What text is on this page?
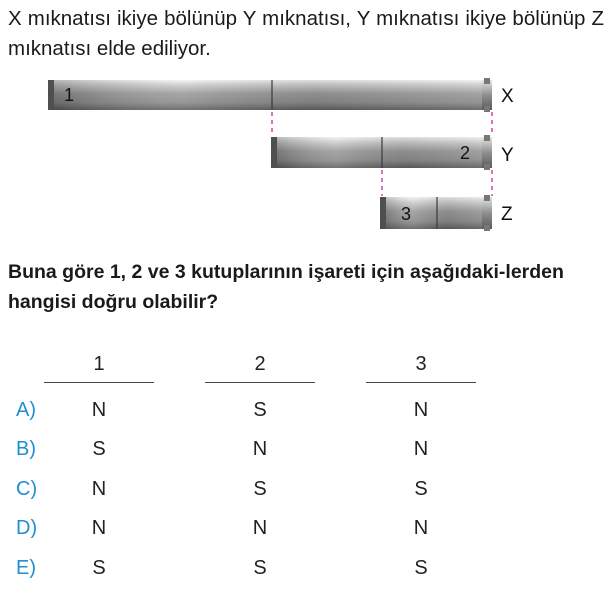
X mıknatısı ikiye bölünüp Y mıknatısı, Y mıknatısı ikiye bölünüp Z mıknatısı elde ediliyor.

1
2
3
X
Y
Z

Buna göre 1, 2 ve 3 kutuplarının işareti için aşağıdaki-lerden hangisi doğru olabilir?

1	2	3
A)	N	S	N
B)	S	N	N
C)	N	S	S
D)	N	N	N
E)	S	S	S
